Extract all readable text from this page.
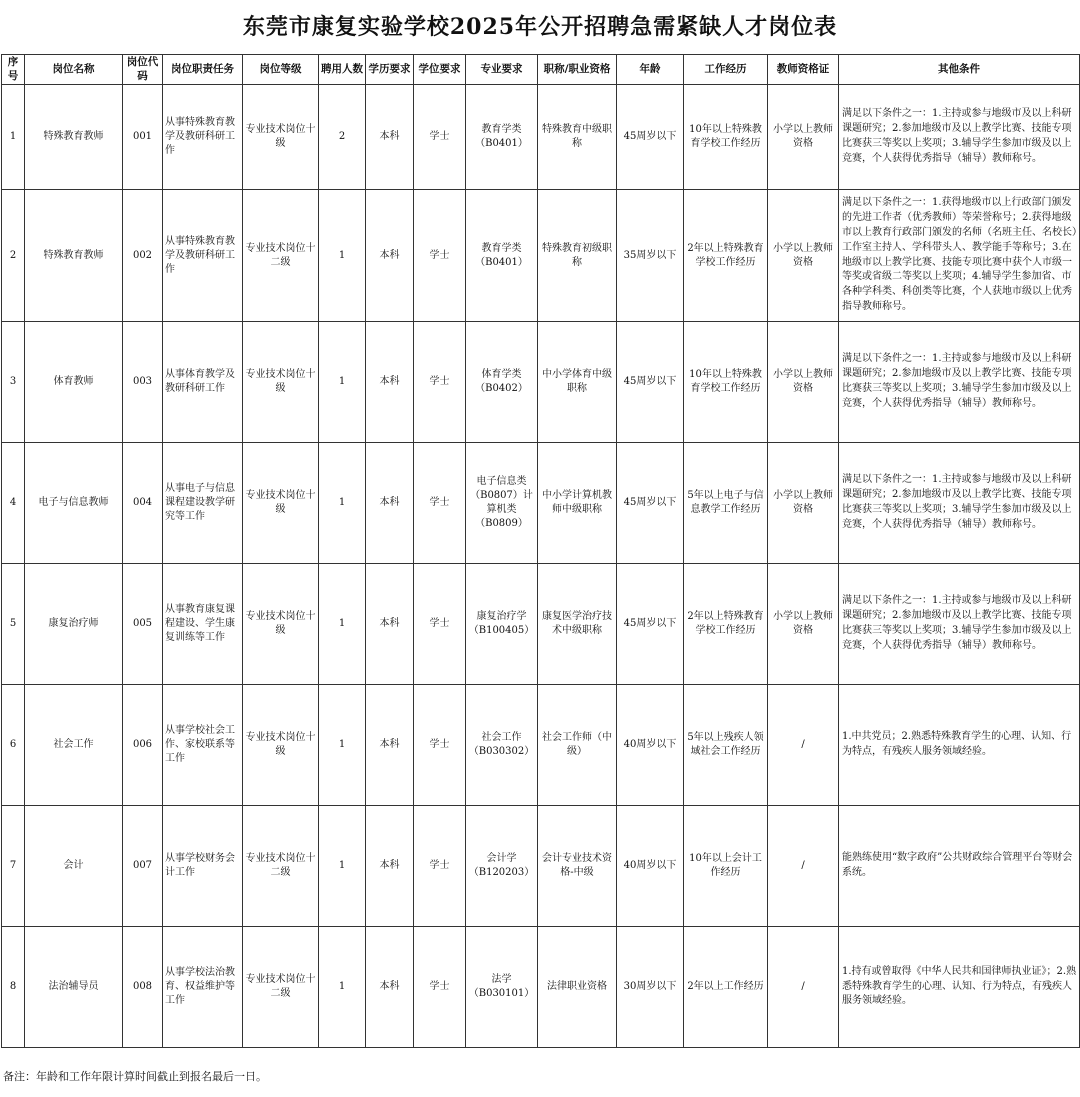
东莞市康复实验学校2025年公开招聘急需紧缺人才岗位表
序号	岗位名称	岗位代码	岗位职责任务	岗位等级	聘用人数	学历要求	学位要求	专业要求	职称/职业资格	年龄	工作经历	教师资格证	其他条件
1	特殊教育教师	001	从事特殊教育教学及教研科研工作	专业技术岗位十级	2	本科	学士	教育学类（B0401）	特殊教育中级职称	45周岁以下	10年以上特殊教育学校工作经历	小学以上教师资格	满足以下条件之一：1.主持或参与地级市及以上科研课题研究；2.参加地级市及以上教学比赛、技能专项比赛获三等奖以上奖项；3.辅导学生参加市级及以上竞赛，个人获得优秀指导（辅导）教师称号。
2	特殊教育教师	002	从事特殊教育教学及教研科研工作	专业技术岗位十二级	1	本科	学士	教育学类（B0401）	特殊教育初级职称	35周岁以下	2年以上特殊教育学校工作经历	小学以上教师资格	满足以下条件之一：1.获得地级市以上行政部门颁发的先进工作者（优秀教师）等荣誉称号；2.获得地级市以上教育行政部门颁发的名师（名班主任、名校长）工作室主持人、学科带头人、教学能手等称号；3.在地级市以上教学比赛、技能专项比赛中获个人市级一等奖或省级二等奖以上奖项；4.辅导学生参加省、市各种学科类、科创类等比赛，个人获地市级以上优秀指导教师称号。
3	体育教师	003	从事体育教学及教研科研工作	专业技术岗位十级	1	本科	学士	体育学类（B0402）	中小学体育中级职称	45周岁以下	10年以上特殊教育学校工作经历	小学以上教师资格	满足以下条件之一：1.主持或参与地级市及以上科研课题研究；2.参加地级市及以上教学比赛、技能专项比赛获三等奖以上奖项；3.辅导学生参加市级及以上竞赛，个人获得优秀指导（辅导）教师称号。
4	电子与信息教师	004	从事电子与信息课程建设教学研究等工作	专业技术岗位十级	1	本科	学士	电子信息类（B0807）计算机类（B0809）	中小学计算机教师中级职称	45周岁以下	5年以上电子与信息教学工作经历	小学以上教师资格	满足以下条件之一：1.主持或参与地级市及以上科研课题研究；2.参加地级市及以上教学比赛、技能专项比赛获三等奖以上奖项；3.辅导学生参加市级及以上竞赛，个人获得优秀指导（辅导）教师称号。
5	康复治疗师	005	从事教育康复课程建设、学生康复训练等工作	专业技术岗位十级	1	本科	学士	康复治疗学（B100405）	康复医学治疗技术中级职称	45周岁以下	2年以上特殊教育学校工作经历	小学以上教师资格	满足以下条件之一：1.主持或参与地级市及以上科研课题研究；2.参加地级市及以上教学比赛、技能专项比赛获三等奖以上奖项；3.辅导学生参加市级及以上竞赛，个人获得优秀指导（辅导）教师称号。
6	社会工作	006	从事学校社会工作、家校联系等工作	专业技术岗位十级	1	本科	学士	社会工作（B030302）	社会工作师（中级）	40周岁以下	5年以上残疾人领域社会工作经历	/	1.中共党员；2.熟悉特殊教育学生的心理、认知、行为特点，有残疾人服务领域经验。
7	会计	007	从事学校财务会计工作	专业技术岗位十二级	1	本科	学士	会计学（B120203）	会计专业技术资格-中级	40周岁以下	10年以上会计工作经历	/	能熟练使用“数字政府”公共财政综合管理平台等财会系统。
8	法治辅导员	008	从事学校法治教育、权益维护等工作	专业技术岗位十二级	1	本科	学士	法学（B030101）	法律职业资格	30周岁以下	2年以上工作经历	/	1.持有或曾取得《中华人民共和国律师执业证》；2.熟悉特殊教育学生的心理、认知、行为特点，有残疾人服务领域经验。
备注：年龄和工作年限计算时间截止到报名最后一日。
